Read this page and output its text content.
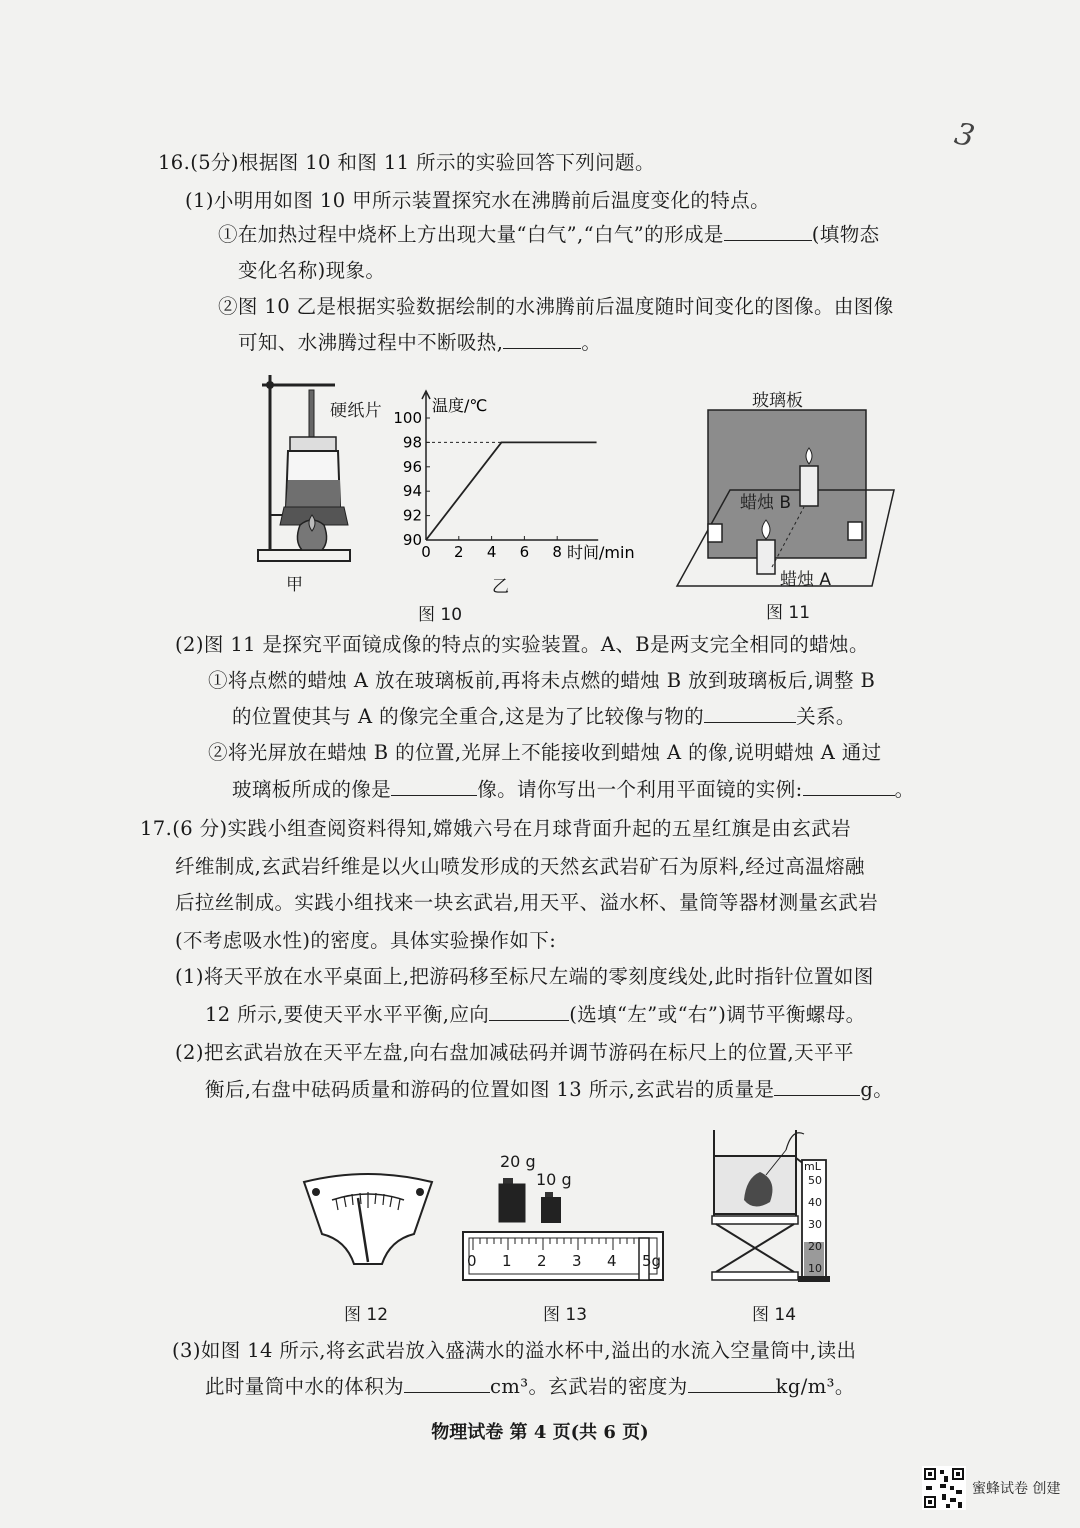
3
16.(5分)根据图 10 和图 11 所示的实验回答下列问题。
(1)小明用如图 10 甲所示装置探究水在沸腾前后温度变化的特点。
①在加热过程中烧杯上方出现大量“白气”,“白气”的形成是	(填物态
变化名称)现象。
②图 10 乙是根据实验数据绘制的水沸腾前后温度随时间变化的图像。由图像
可知、水沸腾过程中不断吸热,	。
硬纸片
甲
90
92
94
96
98
100
0 2 4 6 8
温度/℃
时间/min
乙
图 10
玻璃板
蜡烛 B
蜡烛 A
图 11
(2)图 11 是探究平面镜成像的特点的实验装置。A、B是两支完全相同的蜡烛。
①将点燃的蜡烛 A 放在玻璃板前,再将未点燃的蜡烛 B 放到玻璃板后,调整 B
的位置使其与 A 的像完全重合,这是为了比较像与物的	关系。
②将光屏放在蜡烛 B 的位置,光屏上不能接收到蜡烛 A 的像,说明蜡烛 A 通过
玻璃板所成的像是	像。请你写出一个利用平面镜的实例:	。
17.(6 分)实践小组查阅资料得知,嫦娥六号在月球背面升起的五星红旗是由玄武岩
纤维制成,玄武岩纤维是以火山喷发形成的天然玄武岩矿石为原料,经过高温熔融
后拉丝制成。实践小组找来一块玄武岩,用天平、溢水杯、量筒等器材测量玄武岩
(不考虑吸水性)的密度。具体实验操作如下:
(1)将天平放在水平桌面上,把游码移至标尺左端的零刻度线处,此时指针位置如图
12 所示,要使天平水平平衡,应向	(选填“左”或“右”)调节平衡螺母。
(2)把玄武岩放在天平左盘,向右盘加减砝码并调节游码在标尺上的位置,天平平
衡后,右盘中砝码质量和游码的位置如图 13 所示,玄武岩的质量是	g。
20 g
10 g
0 1 2 3 4 5g
mL
50
40
30
20
10
图 12	图 13	图 14
(3)如图 14 所示,将玄武岩放入盛满水的溢水杯中,溢出的水流入空量筒中,读出
此时量筒中水的体积为	cm³。玄武岩的密度为	kg/m³。
物理试卷 第 4 页(共 6 页)
蜜蜂试卷 创建
